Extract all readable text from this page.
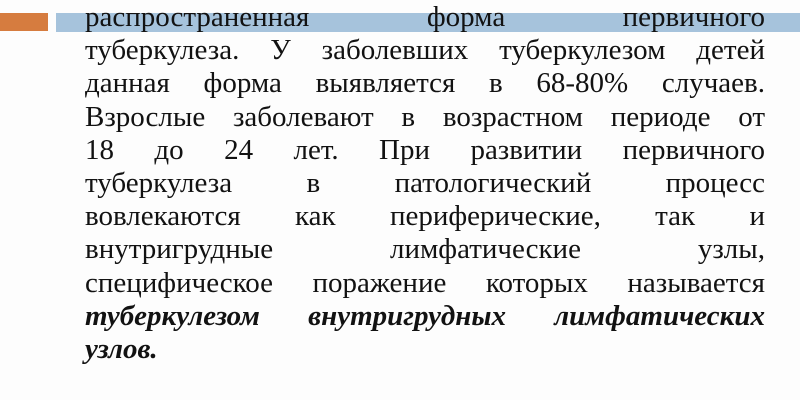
распространенная форма первичного
туберкулеза. У заболевших туберкулезом детей
данная форма выявляется в 68-80% случаев.
Взрослые заболевают в возрастном периоде от
18 до 24 лет. При развитии первичного
туберкулеза в патологический процесс
вовлекаются как периферические, так и
внутригрудные лимфатические узлы,
специфическое поражение которых называется
туберкулезом внутригрудных лимфатических
узлов.
